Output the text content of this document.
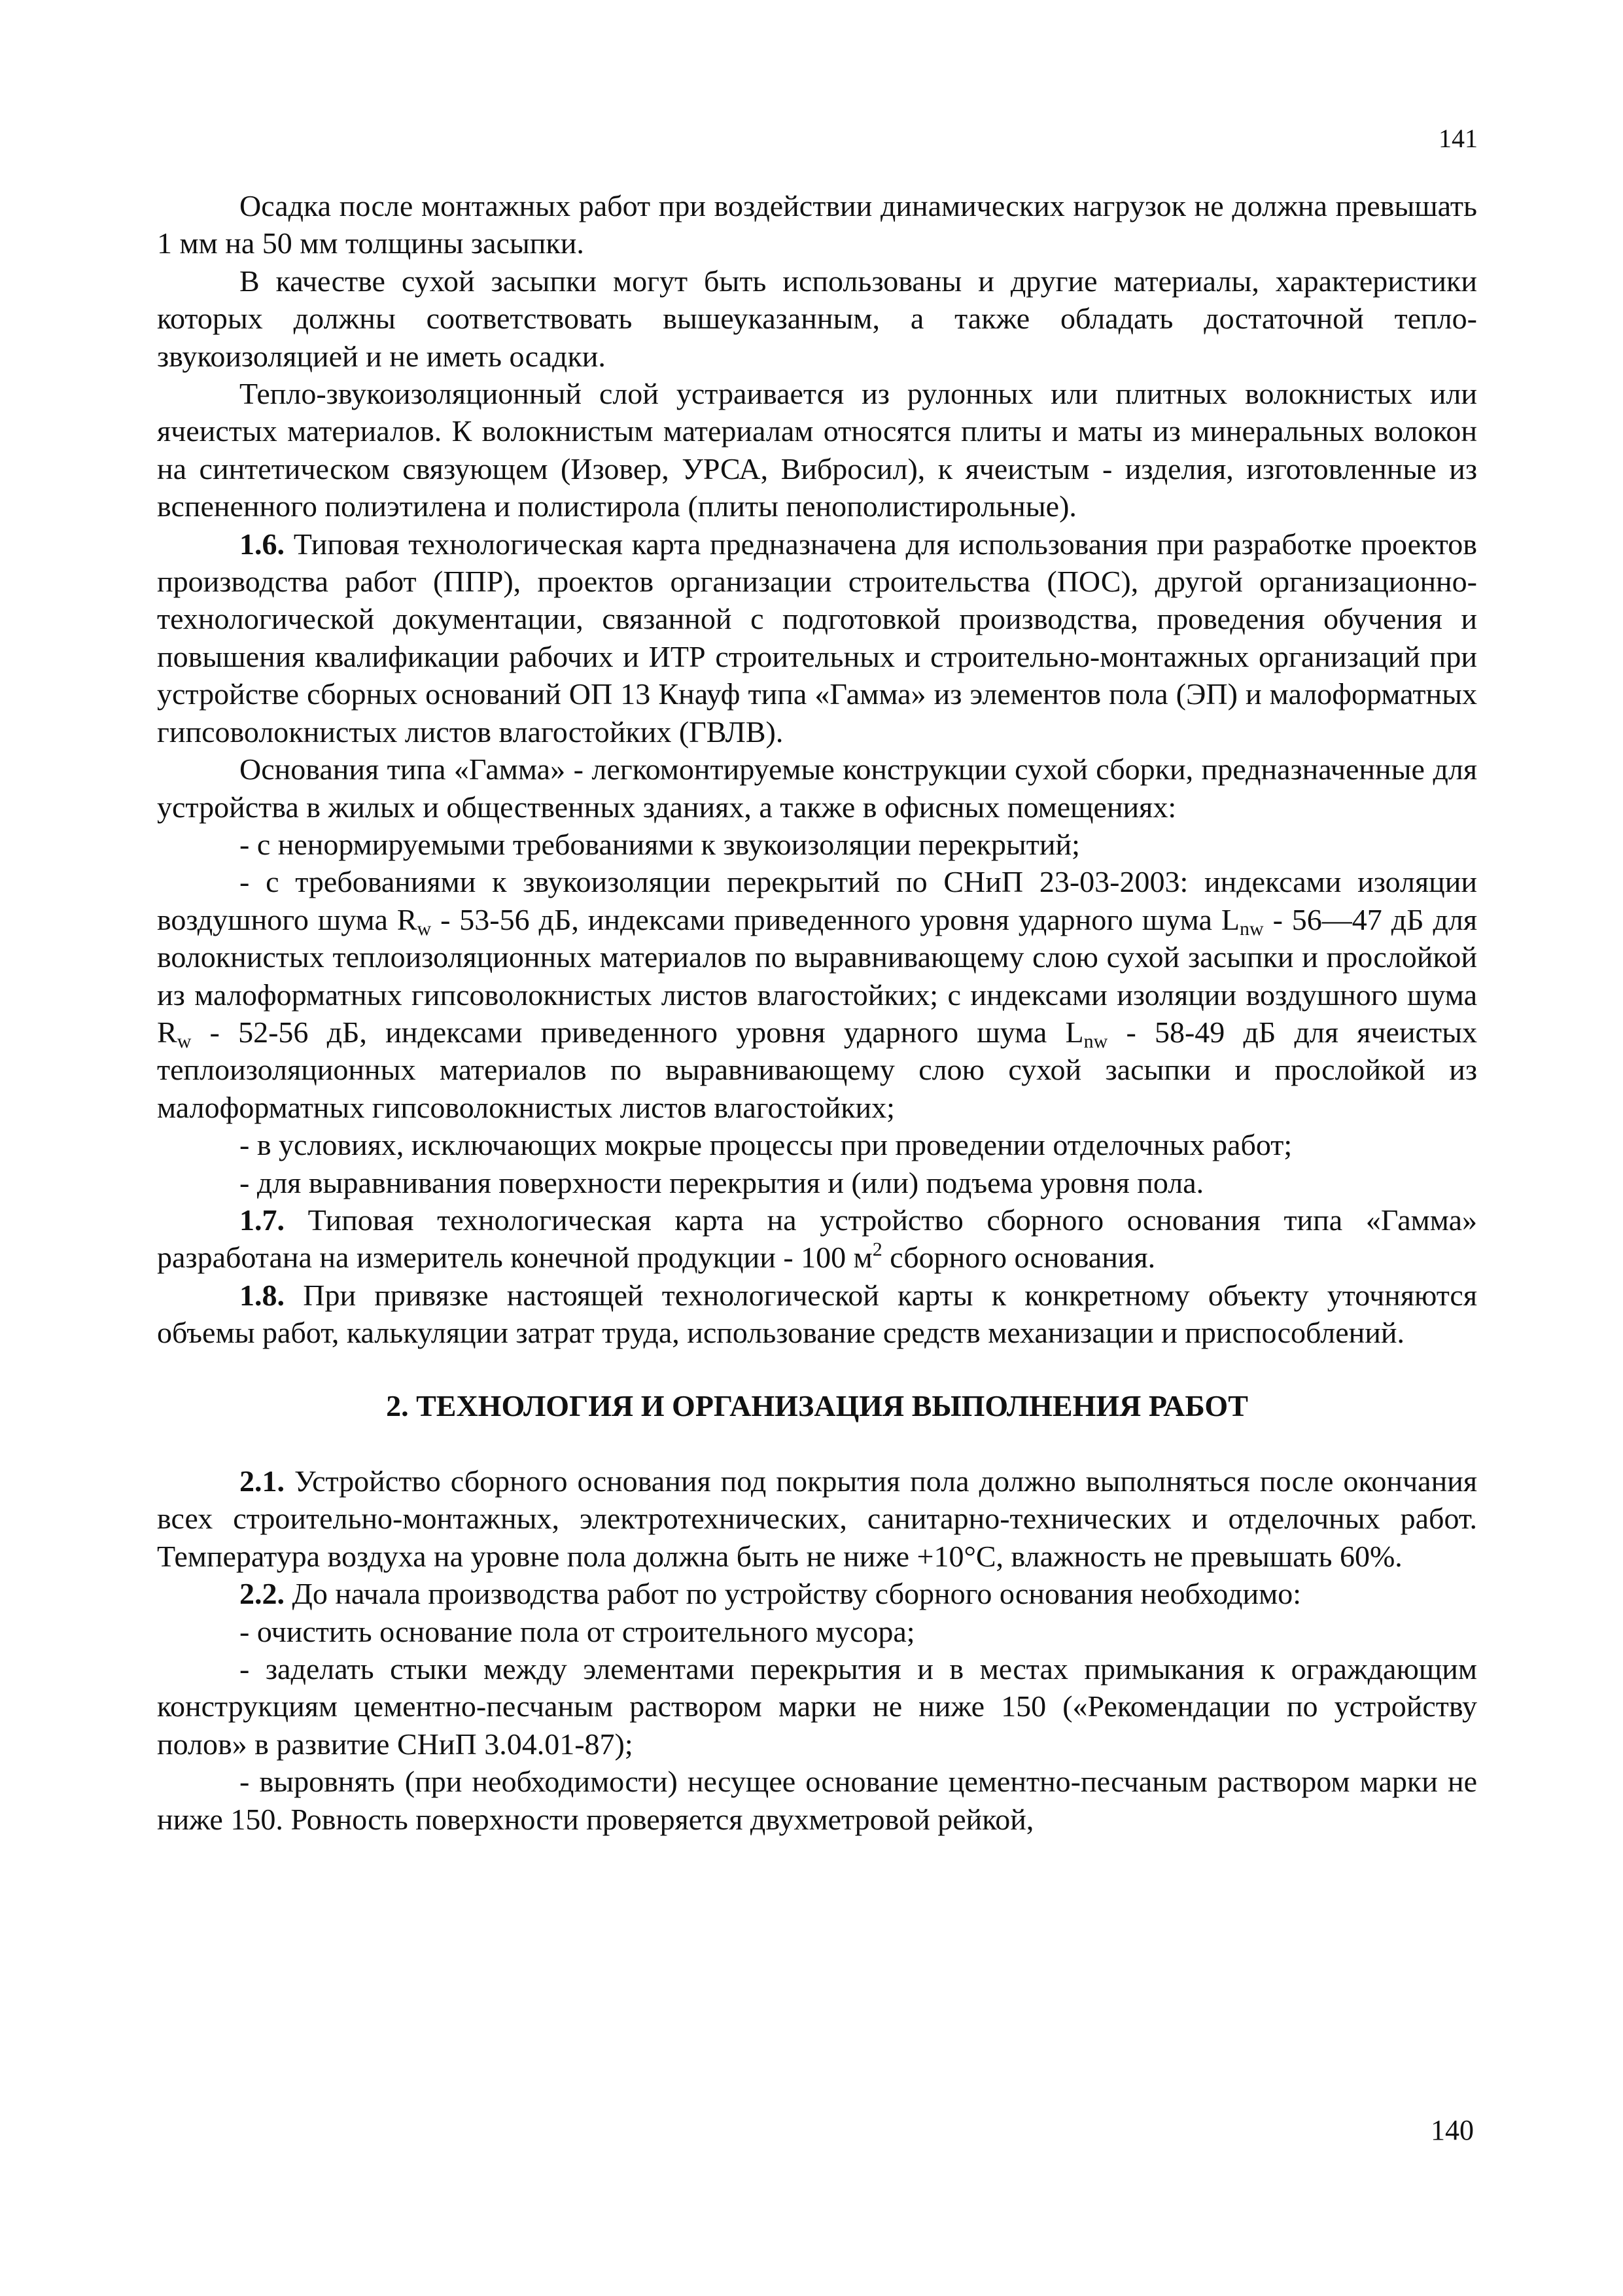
141

Осадка после монтажных работ при воздействии динамических нагрузок не должна превышать 1 мм на 50 мм толщины засыпки.

В качестве сухой засыпки могут быть использованы и другие материалы, характеристики которых должны соответствовать вышеуказанным, а также обладать достаточной тепло-звукоизоляцией и не иметь осадки.

Тепло-звукоизоляционный слой устраивается из рулонных или плитных волокнистых или ячеистых материалов. К волокнистым материалам относятся плиты и маты из минеральных волокон на синтетическом связующем (Изовер, УРСА, Вибросил), к ячеистым - изделия, изготовленные из вспененного полиэтилена и полистирола (плиты пенополистирольные).

1.6. Типовая технологическая карта предназначена для использования при разработке проектов производства работ (ППР), проектов организации строительства (ПОС), другой организационно-технологической документации, связанной с подготовкой производства, проведения обучения и повышения квалификации рабочих и ИТР строительных и строительно-монтажных организаций при устройстве сборных оснований ОП 13 Кнауф типа «Гамма» из элементов пола (ЭП) и малоформатных гипсоволокнистых листов влагостойких (ГВЛВ).

Основания типа «Гамма» - легкомонтируемые конструкции сухой сборки, предназначенные для устройства в жилых и общественных зданиях, а также в офисных помещениях:

- с ненормируемыми требованиями к звукоизоляции перекрытий;

- с требованиями к звукоизоляции перекрытий по СНиП 23-03-2003: индексами изоляции воздушного шума $R_w - 53-56$ дБ, индексами приведенного уровня ударного шума $L_{nw}$ - 56—47 дБ для волокнистых теплоизоляционных материалов по выравнивающему слою сухой засыпки и прослойкой из малоформатных гипсоволокнистых листов влагостойких; с индексами изоляции воздушного шума $R_w - 52-56$ дБ, индексами приведенного уровня ударного шума $L_{nw} - 58-49$ дБ для ячеистых теплоизоляционных материалов по выравнивающему слою сухой засыпки и прослойкой из малоформатных гипсоволокнистых листов влагостойких;

- в условиях, исключающих мокрые процессы при проведении отделочных работ;

- для выравнивания поверхности перекрытия и (или) подъема уровня пола.

1.7. Типовая технологическая карта на устройство сборного основания типа «Гамма» разработана на измеритель конечной продукции - 100 $м^2$ сборного основания.

1.8. При привязке настоящей технологической карты к конкретному объекту уточняются объемы работ, калькуляции затрат труда, использование средств механизации и приспособлений.

2. ТЕХНОЛОГИЯ И ОРГАНИЗАЦИЯ ВЫПОЛНЕНИЯ РАБОТ

2.1. Устройство сборного основания под покрытия пола должно выполняться после окончания всех строительно-монтажных, электротехнических, санитарно-технических и отделочных работ. Температура воздуха на уровне пола должна быть не ниже +10°С, влажность не превышать 60%.

2.2. До начала производства работ по устройству сборного основания необходимо:

- очистить основание пола от строительного мусора;

- заделать стыки между элементами перекрытия и в местах примыкания к ограждающим конструкциям цементно-песчаным раствором марки не ниже 150 («Рекомендации по устройству полов» в развитие СНиП 3.04.01-87);

- выровнять (при необходимости) несущее основание цементно-песчаным раствором марки не ниже 150. Ровность поверхности проверяется двухметровой рейкой,

140
